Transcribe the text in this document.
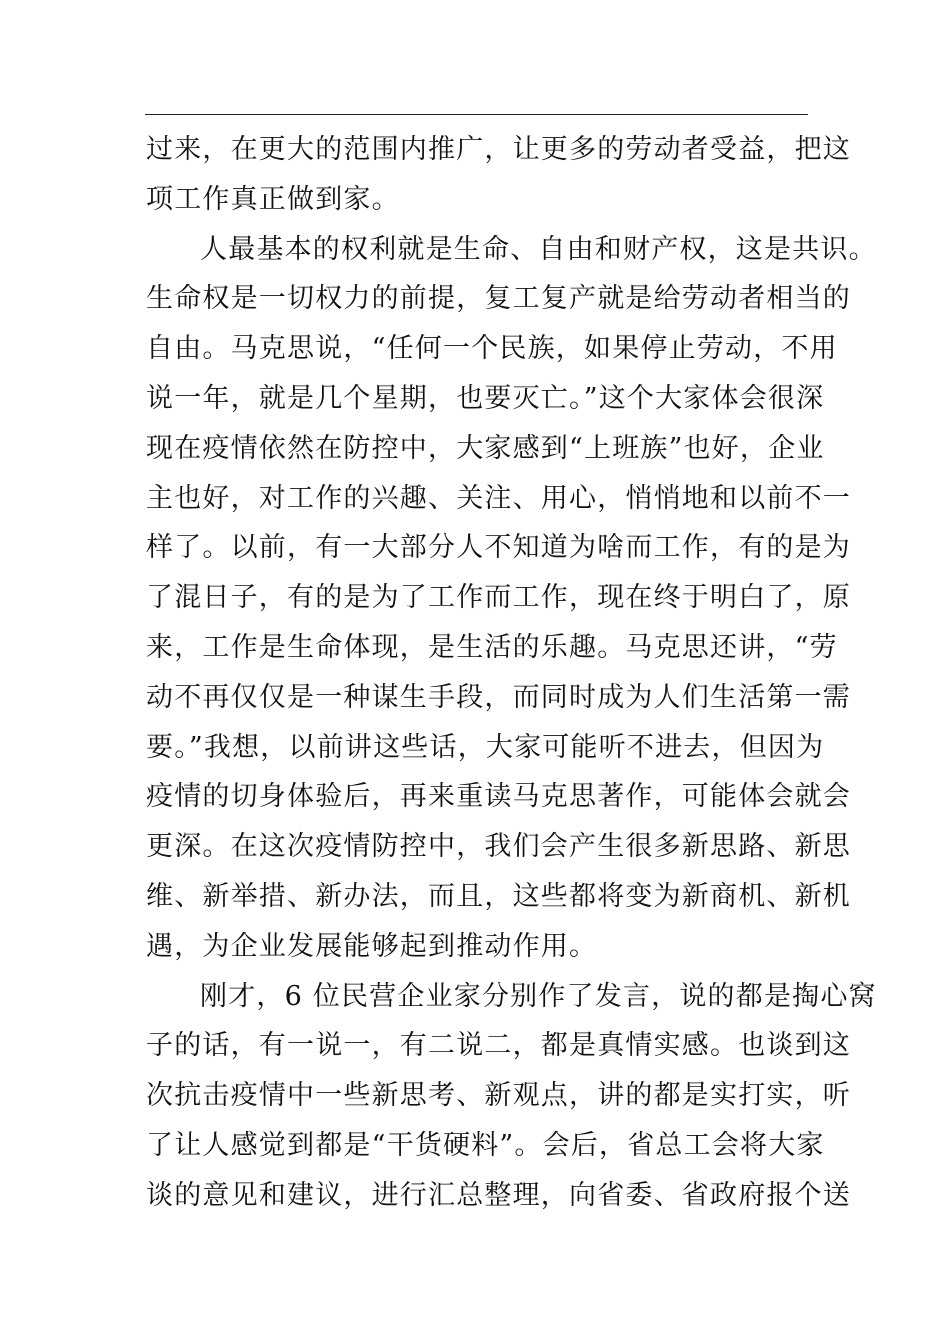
过来，在更大的范围内推广，让更多的劳动者受益，把这
项工作真正做到家。
人最基本的权利就是生命、自由和财产权，这是共识。
生命权是一切权力的前提，复工复产就是给劳动者相当的
自由。马克思说，“任何一个民族，如果停止劳动，不用
说一年，就是几个星期，也要灭亡。”这个大家体会很深
现在疫情依然在防控中，大家感到“上班族”也好，企业
主也好，对工作的兴趣、关注、用心，悄悄地和以前不一
样了。以前，有一大部分人不知道为啥而工作，有的是为
了混日子，有的是为了工作而工作，现在终于明白了，原
来，工作是生命体现，是生活的乐趣。马克思还讲，“劳
动不再仅仅是一种谋生手段，而同时成为人们生活第一需
要。”我想，以前讲这些话，大家可能听不进去，但因为
疫情的切身体验后，再来重读马克思著作，可能体会就会
更深。在这次疫情防控中，我们会产生很多新思路、新思
维、新举措、新办法，而且，这些都将变为新商机、新机
遇，为企业发展能够起到推动作用。
刚才，6 位民营企业家分别作了发言，说的都是掏心窝
子的话，有一说一，有二说二，都是真情实感。也谈到这
次抗击疫情中一些新思考、新观点，讲的都是实打实，听
了让人感觉到都是“干货硬料”。会后，省总工会将大家
谈的意见和建议，进行汇总整理，向省委、省政府报个送
